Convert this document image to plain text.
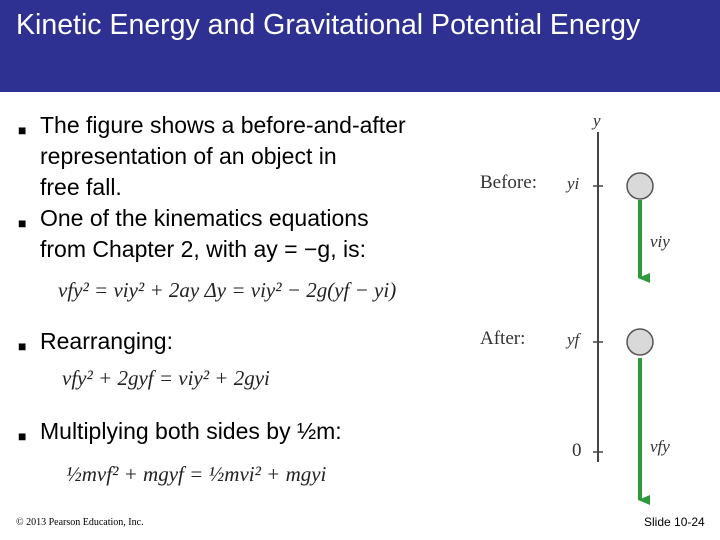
Kinetic Energy and Gravitational Potential Energy
■ The figure shows a before-and-after
representation of an object in
free fall.
■ One of the kinematics equations
from Chapter 2, with ay = −g, is:
vfy² = viy² + 2ay Δy = viy² − 2g(yf − yi)
■ Rearranging:
vfy² + 2gyf = viy² + 2gyi
■ Multiplying both sides by ½m:
½mvf² + mgyf = ½mvi² + mgyi
y
Before: yi
viy
After: yf
0	vfy
© 2013 Pearson Education, Inc.	Slide 10-24
